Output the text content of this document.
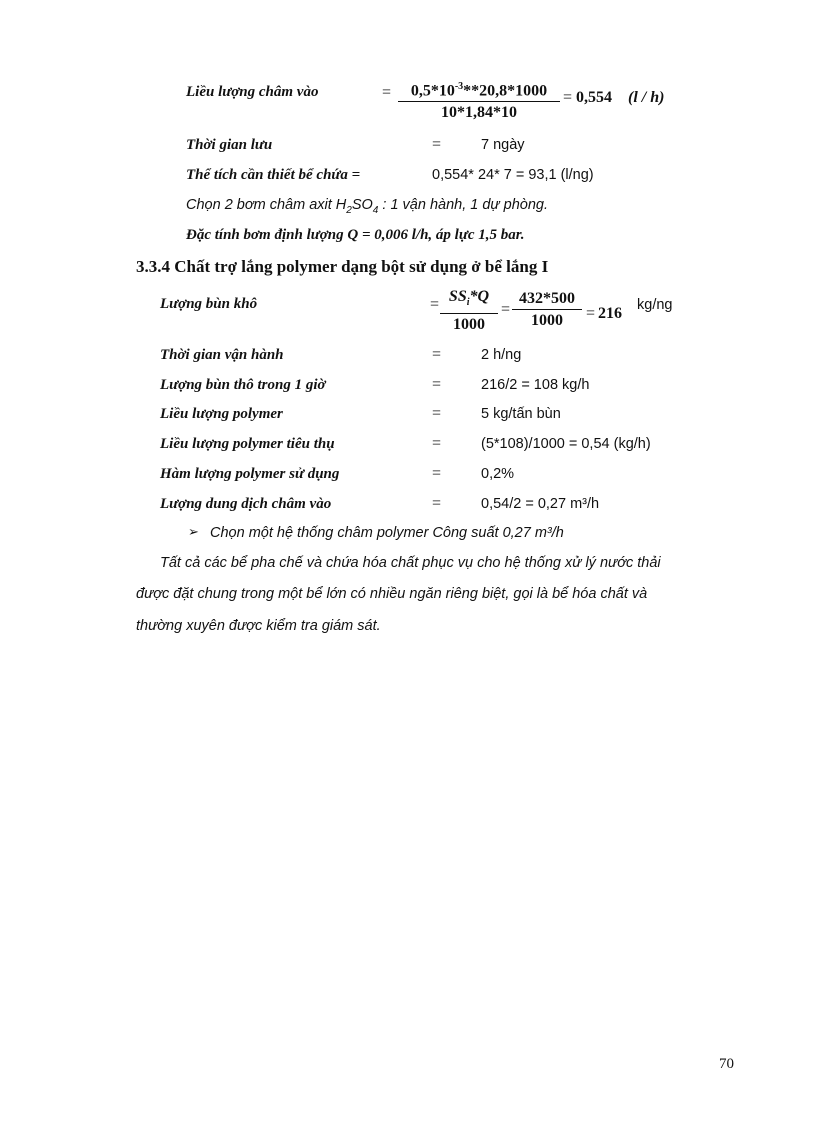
Liều lượng châm vào	=	$0,5*10^{-3}**20,8*1000$
10*1,84*10
= 0,554 (l / h)
Thời gian lưu	=	7 ngày
Thể tích cần thiết bể chứa =	0,554* 24* 7 = 93,1 (l/ng)
Chọn 2 bơm châm axit $H_2SO_4$ : 1 vận hành, 1 dự phòng.
Đặc tính bơm định lượng Q = 0,006 l/h, áp lực 1,5 bar.
3.3.4 Chất trợ lắng polymer dạng bột sử dụng ở bể lắng I
Lượng bùn khô	= $SS_i*Q$
1000
=
432*500
1000	= 216 kg/ng
Thời gian vận hành	=	2 h/ng
Lượng bùn thô trong 1 giờ	=	216/2 = 108 kg/h
Liều lượng polymer	=	5 kg/tấn bùn
Liều lượng polymer tiêu thụ	=	(5*108)/1000 = 0,54 (kg/h)
Hàm lượng polymer sử dụng	=	0,2%
Lượng dung dịch châm vào	=	0,54/2 = 0,27 m³/h
➢ Chọn một hệ thống châm polymer Công suất 0,27 m³/h
Tất cả các bể pha chế và chứa hóa chất phục vụ cho hệ thống xử lý nước thải
được đặt chung trong một bể lớn có nhiều ngăn riêng biệt, gọi là bể hóa chất và
thường xuyên được kiểm tra giám sát.
70
